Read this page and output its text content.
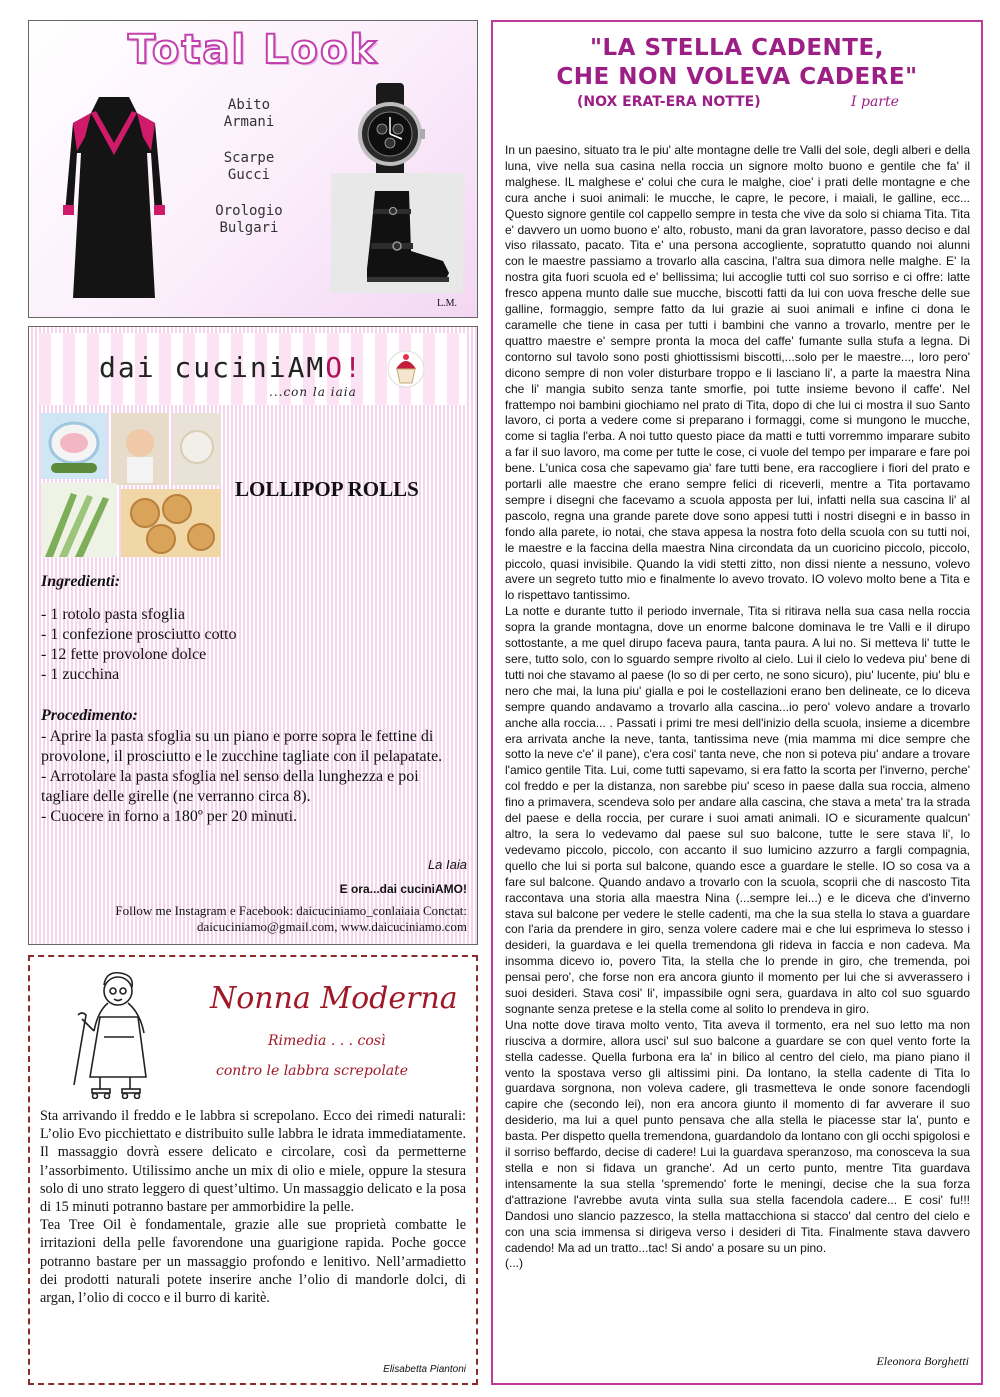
Total Look
Abito
Armani
Scarpe
Gucci
Orologio
Bulgari
L.M.
dai cuciniAMO!
...con la iaia
LOLLIPOP ROLLS
Ingredienti:
- 1 rotolo pasta sfoglia
- 1 confezione prosciutto cotto
- 12 fette provolone dolce
- 1 zucchina
Procedimento:
- Aprire la pasta sfoglia su un piano e porre sopra le fettine di provolone, il prosciutto e le zucchine tagliate con il pelapatate.
- Arrotolare la pasta sfoglia nel senso della lunghezza e poi tagliare delle girelle (ne verranno circa 8).
- Cuocere in forno a 180º per 20 minuti.
La Iaia
E ora...dai cuciniAMO!
Follow me Instagram e Facebook: daicuciniamo_conlaiaia Conctat: daicuciniamo@gmail.com, www.daicuciniamo.com
Nonna Moderna
Rimedia . . . così
contro le labbra screpolate

Sta arrivando il freddo e le labbra si screpolano. Ecco dei rimedi naturali: L’olio Evo picchiettato e distribuito sulle labbra le idrata immediatamente. Il massaggio dovrà essere delicato e circolare, così da permetterne l’assorbimento. Utilissimo anche un mix di olio e miele, oppure la stesura solo di uno strato leggero di quest’ultimo. Un massaggio delicato e la posa di 15 minuti potranno bastare per ammorbidire la pelle.

Tea Tree Oil è fondamentale, grazie alle sue proprietà combatte le irritazioni della pelle favorendone una guarigione rapida. Poche gocce potranno bastare per un massaggio profondo e lenitivo. Nell’armadietto dei prodotti naturali potete inserire anche l’olio di mandorle dolci, di argan, l’olio di cocco e il burro di karitè.

Elisabetta Piantoni
"LA STELLA CADENTE,
CHE NON VOLEVA CADERE"
(NOX ERAT-ERA NOTTE)	I parte

In un paesino, situato tra le piu' alte montagne delle tre Valli del sole, degli alberi e della luna, vive nella sua casina nella roccia un signore molto buono e gentile che fa' il malghese. IL malghese e' colui che cura le malghe, cioe' i prati delle montagne e che cura anche i suoi animali: le mucche, le capre, le pecore, i maiali, le galline, ecc... Questo signore gentile col cappello sempre in testa che vive da solo si chiama Tita. Tita e' davvero un uomo buono e' alto, robusto, mani da gran lavoratore, passo deciso e dal viso rilassato, pacato. Tita e' una persona accogliente, sopratutto quando noi alunni con le maestre passiamo a trovarlo alla cascina, l'altra sua dimora nelle malghe. E' la nostra gita fuori scuola ed e' bellissima; lui accoglie tutti col suo sorriso e ci offre: latte fresco appena munto dalle sue mucche, biscotti fatti da lui con uova fresche delle sue galline, formaggio, sempre fatto da lui grazie ai suoi animali e infine ci dona le caramelle che tiene in casa per tutti i bambini che vanno a trovarlo, mentre per le quattro maestre e' sempre pronta la moca del caffe' fumante sulla stufa a legna. Di contorno sul tavolo sono posti ghiottissismi biscotti,...solo per le maestre..., loro pero' dicono sempre di non voler disturbare troppo e li lasciano li', a parte la maestra Nina che li' mangia subito senza tante smorfie, poi tutte insieme bevono il caffe'. Nel frattempo noi bambini giochiamo nel prato di Tita, dopo di che lui ci mostra il suo Santo lavoro, ci porta a vedere come si preparano i formaggi, come si mungono le mucche, come si taglia l'erba. A noi tutto questo piace da matti e tutti vorremmo imparare subito a far il suo lavoro, ma come per tutte le cose, ci vuole del tempo per imparare e fare poi bene. L'unica cosa che sapevamo gia' fare tutti bene, era raccogliere i fiori del prato e portarli alle maestre che erano sempre felici di riceverli, mentre a Tita portavamo sempre i disegni che facevamo a scuola apposta per lui, infatti nella sua cascina li' al pascolo, regna una grande parete dove sono appesi tutti i nostri disegni e in basso in fondo alla parete, io notai, che stava appesa la nostra foto della scuola con su tutti noi, le maestre e la faccina della maestra Nina circondata da un cuoricino piccolo, piccolo, piccolo, quasi invisibile. Quando la vidi stetti zitto, non dissi niente a nessuno, volevo avere un segreto tutto mio e finalmente lo avevo trovato. IO volevo molto bene a Tita e lo rispettavo tantissimo.

La notte e durante tutto il periodo invernale, Tita si ritirava nella sua casa nella roccia sopra la grande montagna, dove un enorme balcone dominava le tre Valli e il dirupo sottostante, a me quel dirupo faceva paura, tanta paura. A lui no. Si metteva li' tutte le sere, tutto solo, con lo sguardo sempre rivolto al cielo. Lui il cielo lo vedeva piu' bene di tutti noi che stavamo al paese (lo so di per certo, ne sono sicuro), piu' lucente, piu' blu e nero che mai, la luna piu' gialla e poi le costellazioni erano ben delineate, ce lo diceva sempre quando andavamo a trovarlo alla cascina...io pero' volevo andare a trovarlo anche alla roccia... . Passati i primi tre mesi dell'inizio della scuola, insieme a dicembre era arrivata anche la neve, tanta, tantissima neve (mia mamma mi dice sempre che sotto la neve c'e' il pane), c'era cosi' tanta neve, che non si poteva piu' andare a trovare l'amico gentile Tita. Lui, come tutti sapevamo, si era fatto la scorta per l'inverno, perche' col freddo e per la distanza, non sarebbe piu' sceso in paese dalla sua roccia, almeno fino a primavera, scendeva solo per andare alla cascina, che stava a meta' tra la strada del paese e della roccia, per curare i suoi amati animali. IO e sicuramente qualcun' altro, la sera lo vedevamo dal paese sul suo balcone, tutte le sere stava li', lo vedevamo piccolo, piccolo, con accanto il suo lumicino azzurro a fargli compagnia, quello che lui si porta sul balcone, quando esce a guardare le stelle. IO so cosa va a fare sul balcone. Quando andavo a trovarlo con la scuola, scoprii che di nascosto Tita raccontava una storia alla maestra Nina (...sempre lei...) e le diceva che d'inverno stava sul balcone per vedere le stelle cadenti, ma che la sua stella lo stava a guardare con l'aria da prendere in giro, senza volere cadere mai e che lui esprimeva lo stesso i desideri, la guardava e lei quella tremendona gli rideva in faccia e non cadeva. Ma insomma dicevo io, povero Tita, la stella che lo prende in giro, che tremenda, poi pensai pero', che forse non era ancora giunto il momento per lui che si avverassero i suoi desideri. Stava cosi' li', impassibile ogni sera, guardava in alto col suo sguardo sognante senza pretese e la stella come al solito lo prendeva in giro.

Una notte dove tirava molto vento, Tita aveva il tormento, era nel suo letto ma non riusciva a dormire, allora usci' sul suo balcone a guardare se con quel vento forte la stella cadesse. Quella furbona era la' in bilico al centro del cielo, ma piano piano il vento la spostava verso gli altissimi pini. Da lontano, la stella cadente di Tita lo guardava sorgnona, non voleva cadere, gli trasmetteva le onde sonore facendogli capire che (secondo lei), non era ancora giunto il momento di far avverare il suo desiderio, ma lui a quel punto pensava che alla stella le piacesse star la', punto e basta. Per dispetto quella tremendona, guardandolo da lontano con gli occhi spigolosi e il sorriso beffardo, decise di cadere! Lui la guardava speranzoso, ma conosceva la sua stella e non si fidava un granche'. Ad un certo punto, mentre Tita guardava intensamente la sua stella 'spremendo' forte le meningi, decise che la sua forza d'attrazione l'avrebbe avuta vinta sulla sua stella facendola cadere... E cosi' fu!!! Dandosi uno slancio pazzesco, la stella mattacchiona si stacco' dal centro del cielo e con una scia immensa si dirigeva verso i desideri di Tita. Finalmente stava davvero cadendo! Ma ad un tratto...tac! Si ando' a posare su un pino.

(...)

Eleonora Borghetti
